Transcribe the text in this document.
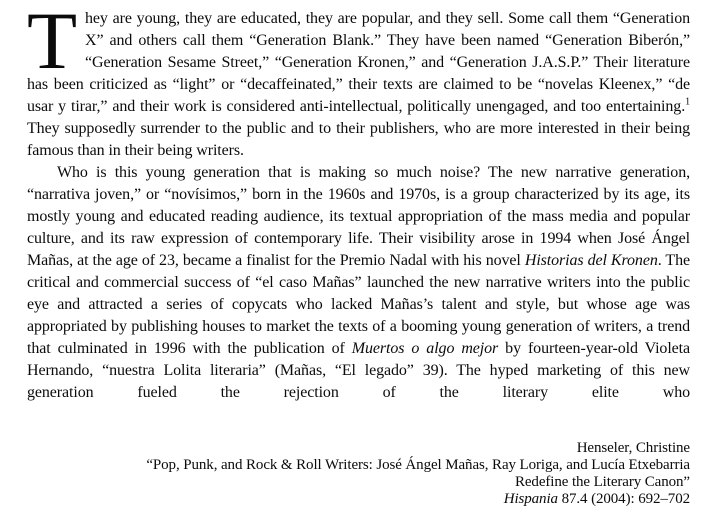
They are young, they are educated, they are popular, and they sell. Some call them “Generation X” and others call them “Generation Blank.” They have been named “Generation Biberón,” “Generation Sesame Street,” “Generation Kronen,” and “Generation J.A.S.P.” Their literature has been criticized as “light” or “decaffeinated,” their texts are claimed to be “novelas Kleenex,” “de usar y tirar,” and their work is considered anti-intellectual, politically unengaged, and too entertaining.$^1$ They supposedly surrender to the public and to their publishers, who are more interested in their being famous than in their being writers.

Who is this young generation that is making so much noise? The new narrative generation, “narrativa joven,” or “novísimos,” born in the 1960s and 1970s, is a group characterized by its age, its mostly young and educated reading audience, its textual appropriation of the mass media and popular culture, and its raw expression of contemporary life. Their visibility arose in 1994 when José Ángel Mañas, at the age of 23, became a finalist for the Premio Nadal with his novel Historias del Kronen. The critical and commercial success of “el caso Mañas” launched the new narrative writers into the public eye and attracted a series of copycats who lacked Mañas’s talent and style, but whose age was appropriated by publishing houses to market the texts of a booming young generation of writers, a trend that culminated in 1996 with the publication of Muertos o algo mejor by fourteen-year-old Violeta Hernando, “nuestra Lolita literaria” (Mañas, “El legado” 39). The hyped marketing of this new generation fueled the rejection of the literary elite who

Henseler, Christine
“Pop, Punk, and Rock & Roll Writers: José Ángel Mañas, Ray Loriga, and Lucía Etxebarria
Redefine the Literary Canon”
Hispania 87.4 (2004): 692–702
